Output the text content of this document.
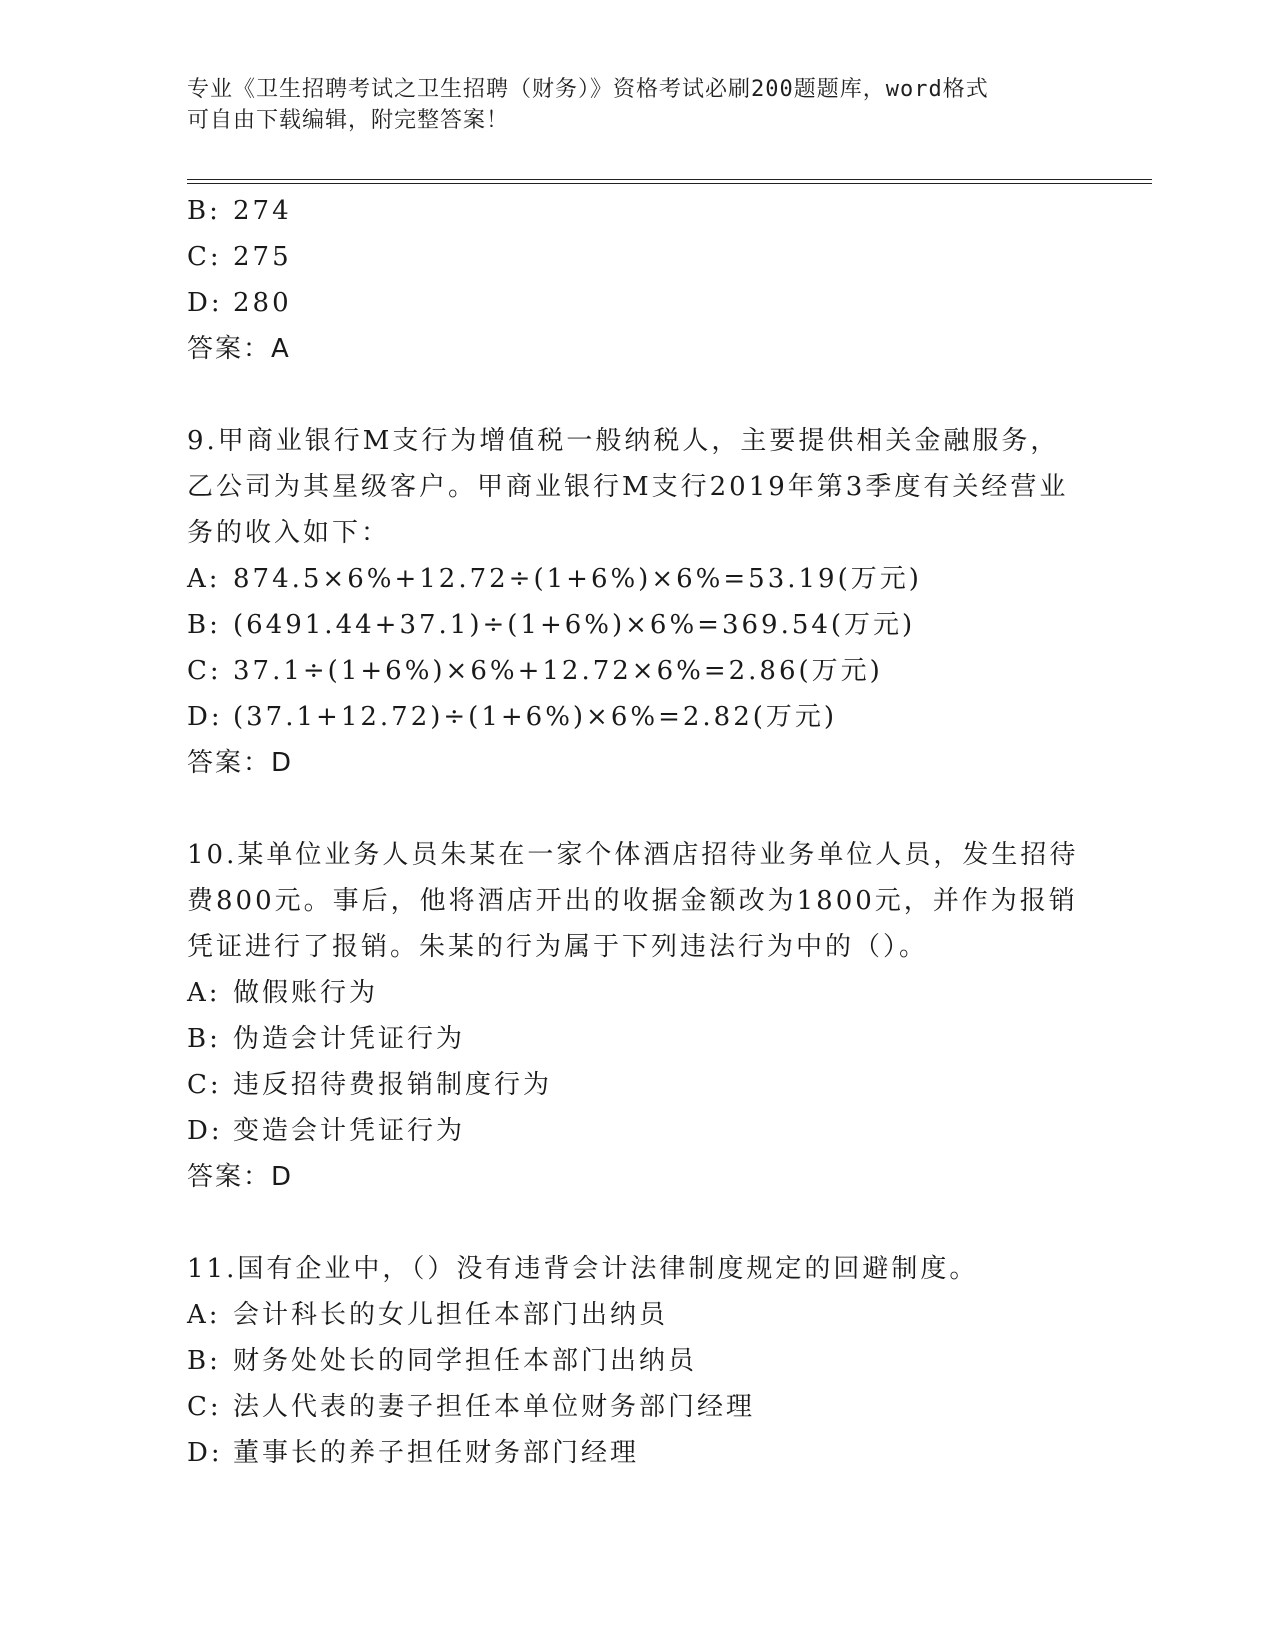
专业《卫生招聘考试之卫生招聘（财务）》资格考试必刷200题题库，word格式
可自由下载编辑，附完整答案！
B: 274
C: 275
D: 280
答案：A
9.甲商业银行M支行为增值税一般纳税人，主要提供相关金融服务，
乙公司为其星级客户。甲商业银行M支行2019年第3季度有关经营业
务的收入如下：
A: 874.5×6%+12.72÷(1+6%)×6%=53.19(万元)
B: (6491.44+37.1)÷(1+6%)×6%=369.54(万元)
C: 37.1÷(1+6%)×6%+12.72×6%=2.86(万元)
D: (37.1+12.72)÷(1+6%)×6%=2.82(万元)
答案：D
10.某单位业务人员朱某在一家个体酒店招待业务单位人员，发生招待
费800元。事后，他将酒店开出的收据金额改为1800元，并作为报销
凭证进行了报销。朱某的行为属于下列违法行为中的（）。
A: 做假账行为
B: 伪造会计凭证行为
C: 违反招待费报销制度行为
D: 变造会计凭证行为
答案：D
11.国有企业中，（）没有违背会计法律制度规定的回避制度。
A: 会计科长的女儿担任本部门出纳员
B: 财务处处长的同学担任本部门出纳员
C: 法人代表的妻子担任本单位财务部门经理
D: 董事长的养子担任财务部门经理
